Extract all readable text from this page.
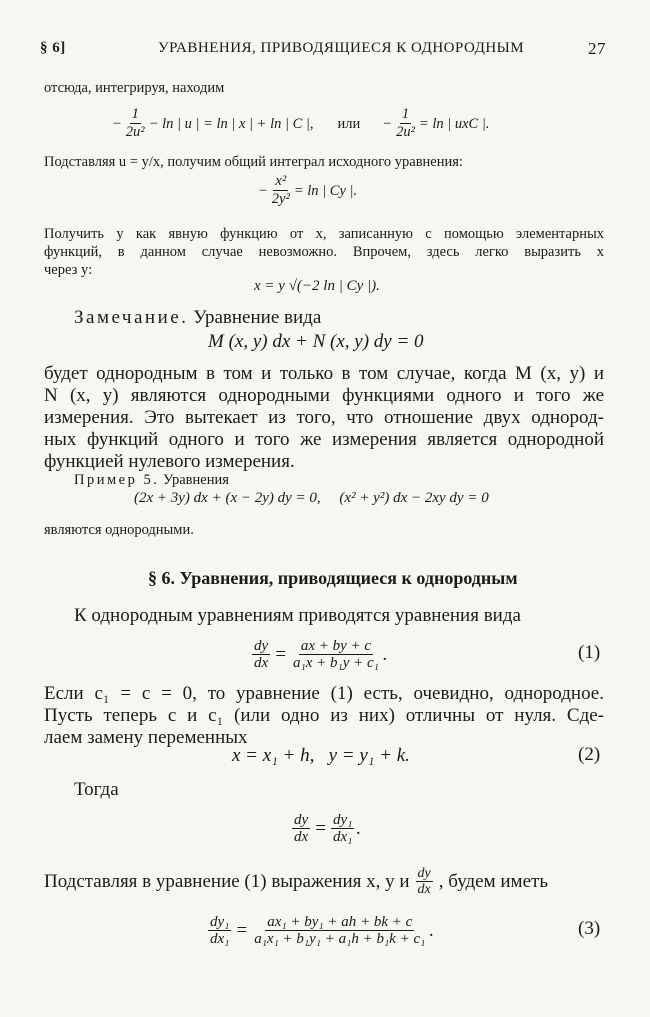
§ 6]	УРАВНЕНИЯ, ПРИВОДЯЩИЕСЯ К ОДНОРОДНЫМ	27
отсюда, интегрируя, находим
− $\frac{1}{\text{2u²}} - \ln$ | u | = ln | x | + ln | C |, или − $\frac{1}{\text{2u²}} = \ln$ | uxC |.
Подставляя u = y/x, получим общий интеграл исходного уравнения:
− $\frac{\text{x²}}{\text{2y²}} = \ln$ | Cy |.
Получить y как явную функцию от x, записанную с помощью элементарных
функций, в данном случае невозможно. Впрочем, здесь легко выразить x
через y:
x = y √(−2 ln | Cy |).
Замечание. Уравнение вида
M (x, y) dx + N (x, y) dy = 0
будет однородным в том и только в том случае, когда M (x, y) и
N (x, y) являются однородными функциями одного и того же
измерения. Это вытекает из того, что отношение двух однород-
ных функций одного и того же измерения является однородной
функцией нулевого измерения.
Пример 5. Уравнения
(2x + 3y) dx + (x − 2y) dy = 0,     (x² + y²) dx − 2xy dy = 0
являются однородными.
§ 6. Уравнения, приводящиеся к однородным
К однородным уравнениям приводятся уравнения вида
$\frac{dy}{dx} = \frac{ax + by + c}{\text{a₁x + b₁y + c₁}}$ .	(1)
Если c₁ = c = 0, то уравнение (1) есть, очевидно, однородное.
Пусть теперь c и c₁ (или одно из них) отличны от нуля. Сде-
лаем замену переменных
x = x₁ + h,   y = y₁ + k.	(2)
Тогда
$\frac{dy}{dx} = \frac{\text{dy₁}}{\text{dx₁}}$ .
Подставляя в уравнение (1) выражения x, y и $\frac{dy}{dx}$ , будем иметь
$\frac{\text{dy₁}}{\text{dx₁}} = \frac{\text{ax₁ + by₁ + ah + bk + c}}{\text{a₁x₁ + b₁y₁ + a₁h + b₁k + c₁}}$ .	(3)
